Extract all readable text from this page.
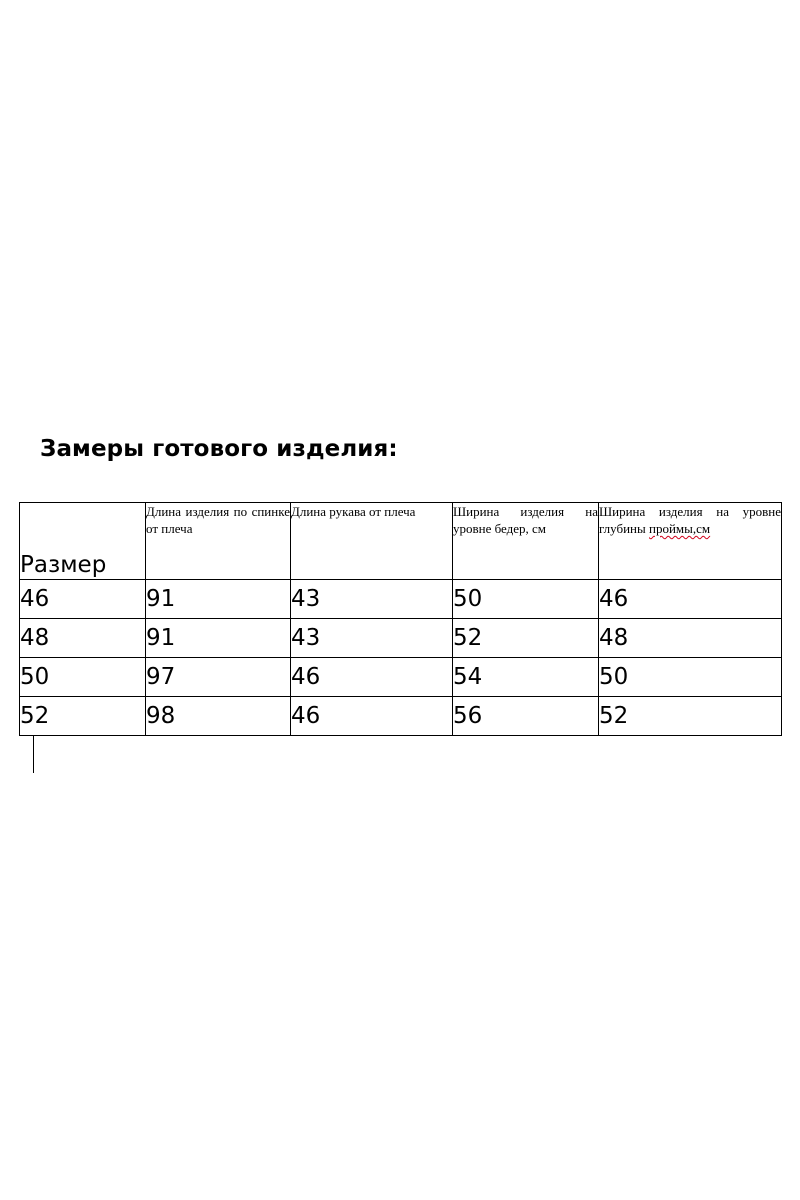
Замеры готового изделия:
Размер	Длина изделия по спинке от плеча	Длина рукава от плеча	Ширина изделия на уровне бедер, см	Ширина изделия на уровне глубины проймы,см
46	91	43	50	46
48	91	43	52	48
50	97	46	54	50
52	98	46	56	52
